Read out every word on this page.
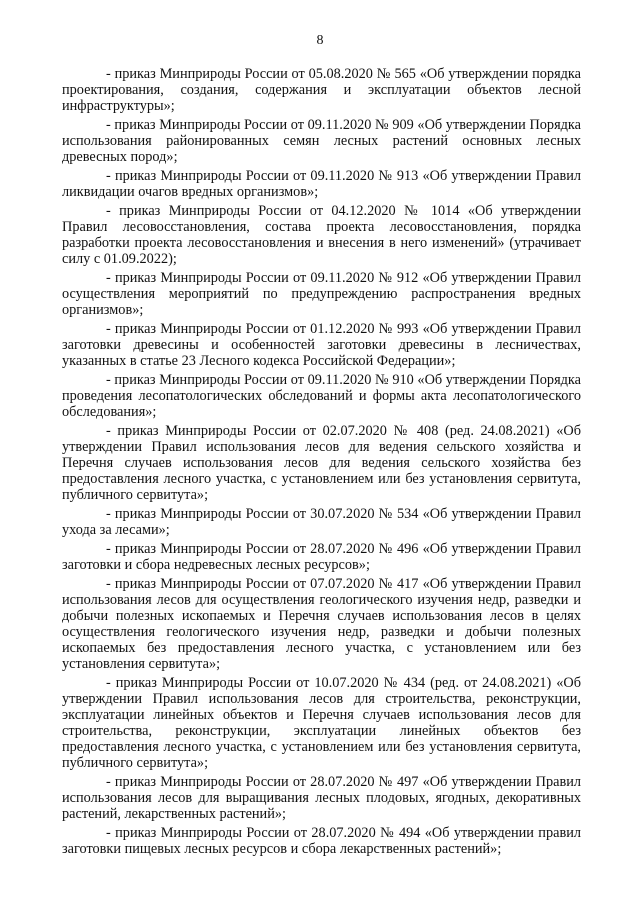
8

- приказ Минприроды России от 05.08.2020 № 565 «Об утверждении порядка проектирования, создания, содержания и эксплуатации объектов лесной инфраструктуры»;

- приказ Минприроды России от 09.11.2020 № 909 «Об утверждении Порядка использования районированных семян лесных растений основных лесных древесных пород»;

- приказ Минприроды России от 09.11.2020 № 913 «Об утверждении Правил ликвидации очагов вредных организмов»;

- приказ Минприроды России от 04.12.2020 № 1014 «Об утверждении Правил лесовосстановления, состава проекта лесовосстановления, порядка разработки проекта лесовосстановления и внесения в него изменений» (утрачивает силу с 01.09.2022);

- приказ Минприроды России от 09.11.2020 № 912 «Об утверждении Правил осуществления мероприятий по предупреждению распространения вредных организмов»;

- приказ Минприроды России от 01.12.2020 № 993 «Об утверждении Правил заготовки древесины и особенностей заготовки древесины в лесничествах, указанных в статье 23 Лесного кодекса Российской Федерации»;

- приказ Минприроды России от 09.11.2020 № 910 «Об утверждении Порядка проведения лесопатологических обследований и формы акта лесопатологического обследования»;

- приказ Минприроды России от 02.07.2020 № 408 (ред. 24.08.2021) «Об утверждении Правил использования лесов для ведения сельского хозяйства и Перечня случаев использования лесов для ведения сельского хозяйства без предоставления лесного участка, с установлением или без установления сервитута, публичного сервитута»;

- приказ Минприроды России от 30.07.2020 № 534 «Об утверждении Правил ухода за лесами»;

- приказ Минприроды России от 28.07.2020 № 496 «Об утверждении Правил заготовки и сбора недревесных лесных ресурсов»;

- приказ Минприроды России от 07.07.2020 № 417 «Об утверждении Правил использования лесов для осуществления геологического изучения недр, разведки и добычи полезных ископаемых и Перечня случаев использования лесов в целях осуществления геологического изучения недр, разведки и добычи полезных ископаемых без предоставления лесного участка, с установлением или без установления сервитута»;

- приказ Минприроды России от 10.07.2020 № 434 (ред. от 24.08.2021) «Об утверждении Правил использования лесов для строительства, реконструкции, эксплуатации линейных объектов и Перечня случаев использования лесов для строительства, реконструкции, эксплуатации линейных объектов без предоставления лесного участка, с установлением или без установления сервитута, публичного сервитута»;

- приказ Минприроды России от 28.07.2020 № 497 «Об утверждении Правил использования лесов для выращивания лесных плодовых, ягодных, декоративных растений, лекарственных растений»;

- приказ Минприроды России от 28.07.2020 № 494 «Об утверждении правил заготовки пищевых лесных ресурсов и сбора лекарственных растений»;
